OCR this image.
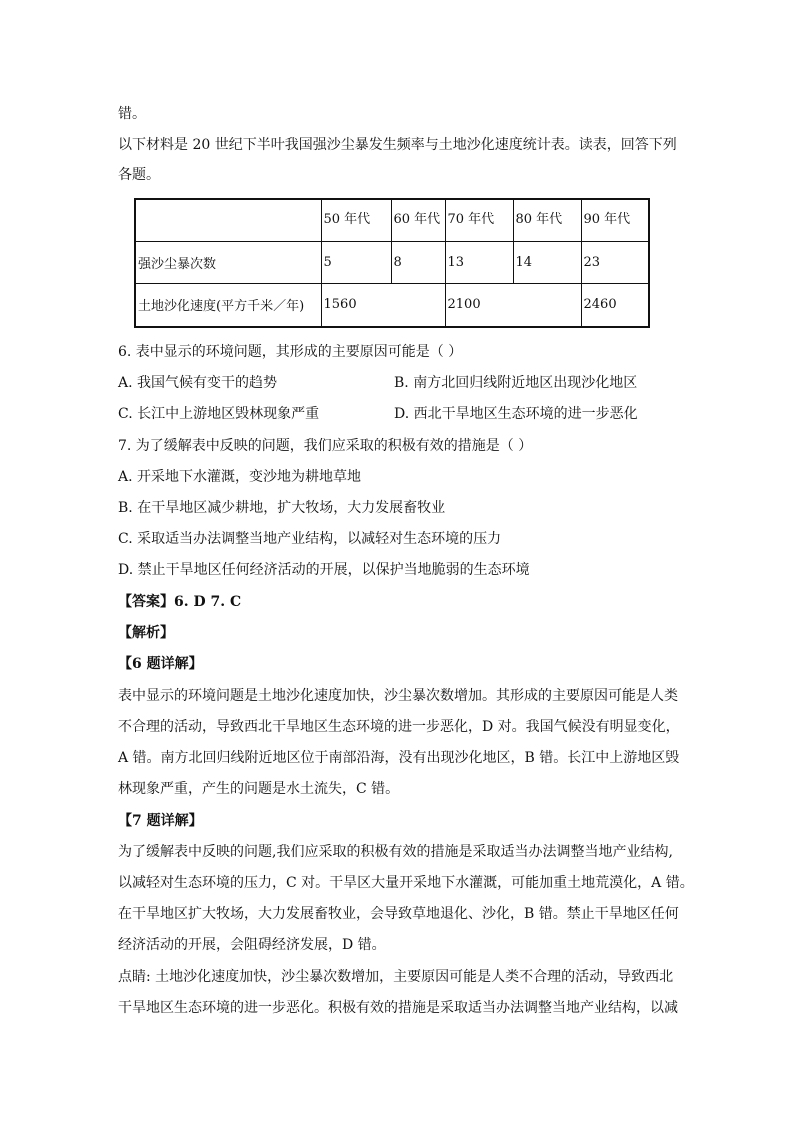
错。
以下材料是 20 世纪下半叶我国强沙尘暴发生频率与土地沙化速度统计表。读表，回答下列
各题。
	50 年代	60 年代	70 年代	80 年代	90 年代
强沙尘暴次数	5	8	13	14	23
土地沙化速度(平方千米／年)	1560		2100		2460
6. 表中显示的环境问题，其形成的主要原因可能是（ ）
A. 我国气候有变干的趋势	B. 南方北回归线附近地区出现沙化地区
C. 长江中上游地区毁林现象严重	D. 西北干旱地区生态环境的进一步恶化
7. 为了缓解表中反映的问题，我们应采取的积极有效的措施是（ ）
A. 开采地下水灌溉，变沙地为耕地草地
B. 在干旱地区减少耕地，扩大牧场，大力发展畜牧业
C. 采取适当办法调整当地产业结构，以减轻对生态环境的压力
D. 禁止干旱地区任何经济活动的开展，以保护当地脆弱的生态环境
【答案】6. D 7. C
【解析】
【6 题详解】
表中显示的环境问题是土地沙化速度加快，沙尘暴次数增加。其形成的主要原因可能是人类
不合理的活动，导致西北干旱地区生态环境的进一步恶化，D 对。我国气候没有明显变化，
A 错。南方北回归线附近地区位于南部沿海，没有出现沙化地区，B 错。长江中上游地区毁
林现象严重，产生的问题是水土流失，C 错。
【7 题详解】
为了缓解表中反映的问题,我们应采取的积极有效的措施是采取适当办法调整当地产业结构,
以减轻对生态环境的压力，C 对。干旱区大量开采地下水灌溉，可能加重土地荒漠化，A 错。
在干旱地区扩大牧场，大力发展畜牧业，会导致草地退化、沙化，B 错。禁止干旱地区任何
经济活动的开展，会阻碍经济发展，D 错。
点睛: 土地沙化速度加快，沙尘暴次数增加，主要原因可能是人类不合理的活动，导致西北
干旱地区生态环境的进一步恶化。积极有效的措施是采取适当办法调整当地产业结构，以减
